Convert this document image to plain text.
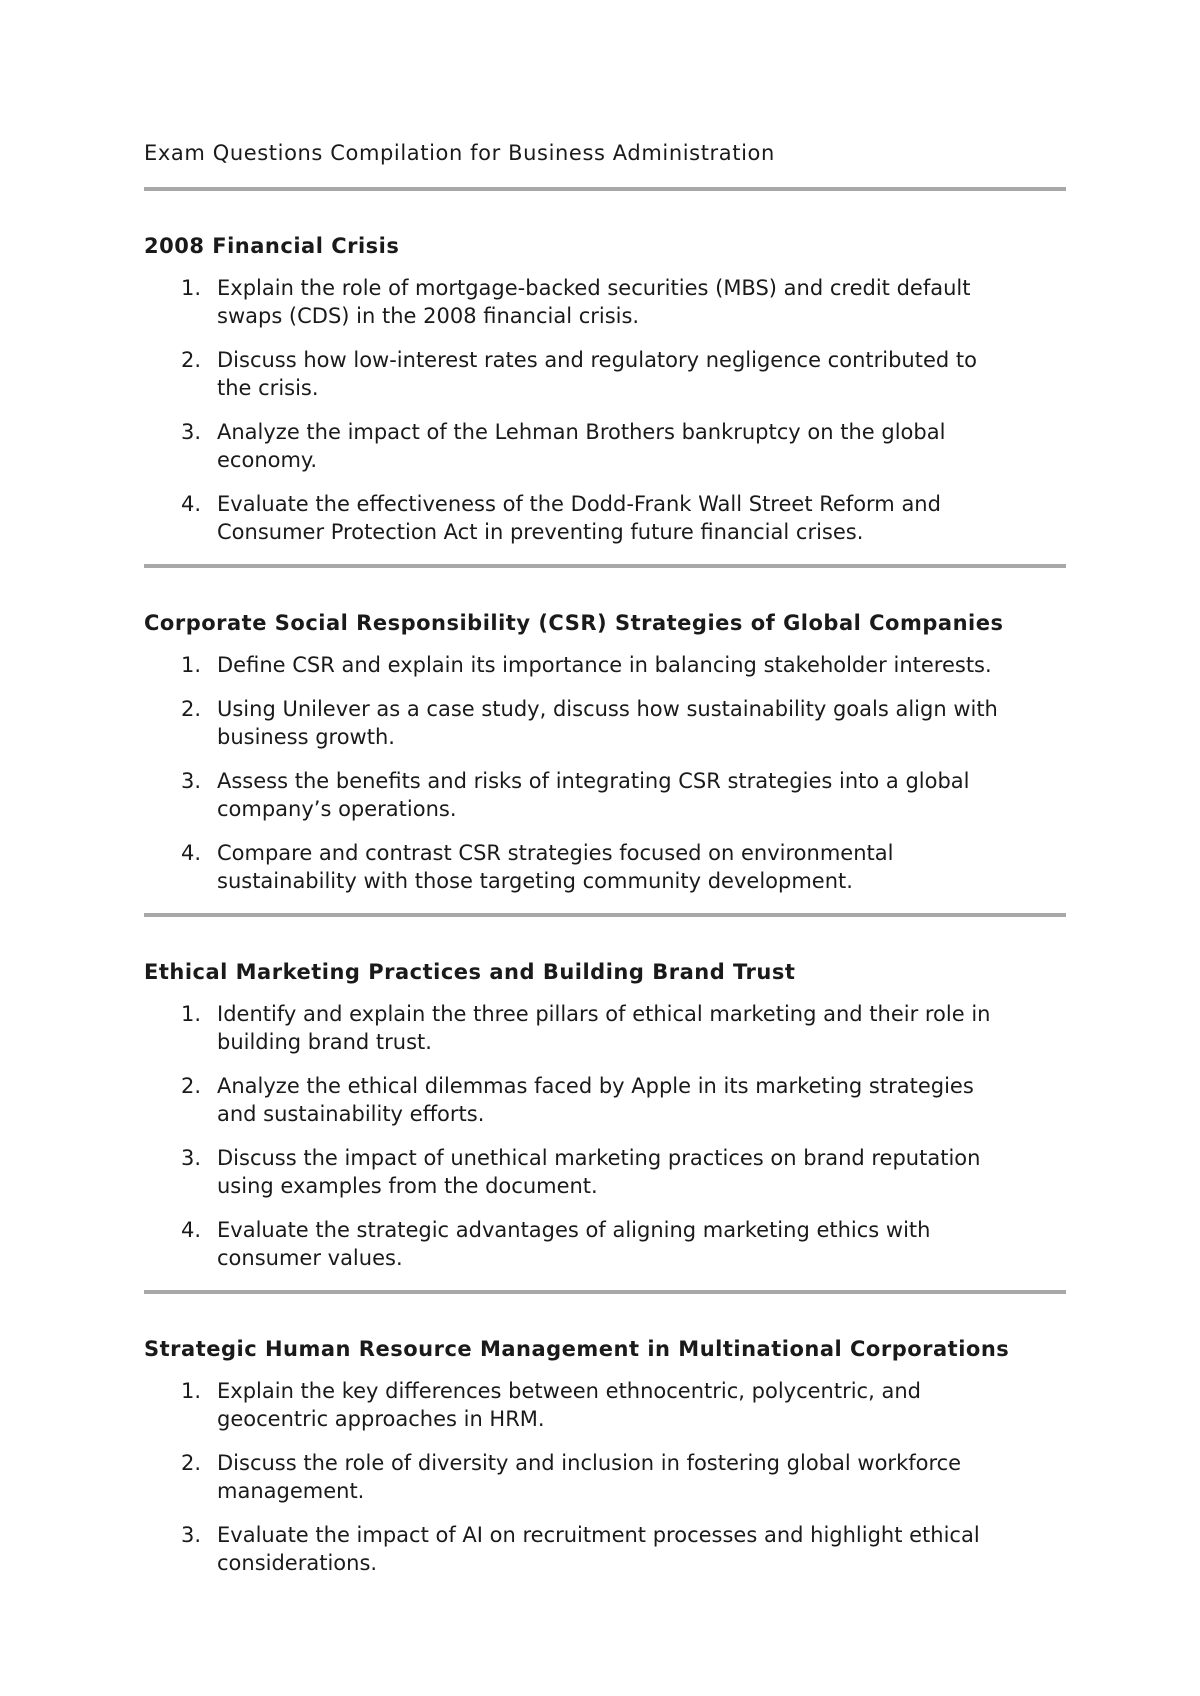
Exam Questions Compilation for Business Administration
2008 Financial Crisis
1. Explain the role of mortgage-backed securities (MBS) and credit default
swaps (CDS) in the 2008 financial crisis.
2. Discuss how low-interest rates and regulatory negligence contributed to
the crisis.
3. Analyze the impact of the Lehman Brothers bankruptcy on the global
economy.
4. Evaluate the effectiveness of the Dodd-Frank Wall Street Reform and
Consumer Protection Act in preventing future financial crises.
Corporate Social Responsibility (CSR) Strategies of Global Companies
1. Define CSR and explain its importance in balancing stakeholder interests.
2. Using Unilever as a case study, discuss how sustainability goals align with
business growth.
3. Assess the benefits and risks of integrating CSR strategies into a global
company’s operations.
4. Compare and contrast CSR strategies focused on environmental
sustainability with those targeting community development.
Ethical Marketing Practices and Building Brand Trust
1. Identify and explain the three pillars of ethical marketing and their role in
building brand trust.
2. Analyze the ethical dilemmas faced by Apple in its marketing strategies
and sustainability efforts.
3. Discuss the impact of unethical marketing practices on brand reputation
using examples from the document.
4. Evaluate the strategic advantages of aligning marketing ethics with
consumer values.
Strategic Human Resource Management in Multinational Corporations
1. Explain the key differences between ethnocentric, polycentric, and
geocentric approaches in HRM.
2. Discuss the role of diversity and inclusion in fostering global workforce
management.
3. Evaluate the impact of AI on recruitment processes and highlight ethical
considerations.
